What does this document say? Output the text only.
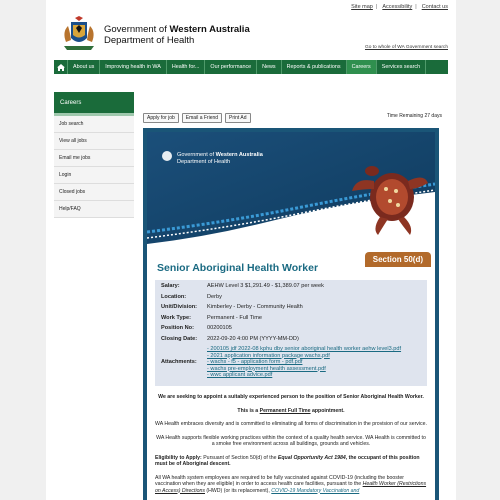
Site map | Accessibility | Contact us
Government of Western Australia
Department of Health
Go to whole of WA Government search
About us	Improving health in WA	Health for...	Our performance	News	Reports & publications	Careers	Services search
Careers
Job search
View all jobs
Email me jobs
Login
Closed jobs
Help/FAQ
Apply for job	Email a Friend	Print Ad	Time Remaining 27 days
Government of Western Australia
Department of Health
Section 50(d)
Senior Aboriginal Health Worker
Salary:	AEHW Level 3 $1,291.49 - $1,389.07 per week
Location:	Derby
Unit/Division:	Kimberley - Derby - Community Health
Work Type:	Permanent - Full Time
Position No:	00200105
Closing Date:	2022-09-20 4:00 PM (YYYY-MM-DD)
Attachments:
- 200105 jdf 2022-08 kphu dby senior aboriginal health worker aehw level3.pdf
- 2021 application information package wachs.pdf
- wachs - f5 - application form - pdf.pdf
- wachs pre-employment health assessment.pdf
- wwc applicant advice.pdf

We are seeking to appoint a suitably experienced person to the position of Senior Aboriginal Health Worker.

This is a Permanent Full Time appointment.

WA Health embraces diversity and is committed to eliminating all forms of discrimination in the provision of our service.

WA Health supports flexible working practices within the context of a quality health service. WA Health is committed to a smoke free environment across all buildings, grounds and vehicles.

Eligibility to Apply: Pursuant of Section 50(d) of the Equal Opportunity Act 1984, the occupant of this position must be of Aboriginal descent.

All WA health system employees are required to be fully vaccinated against COVID-19 (including the booster vaccination when they are eligible) in order to access health care facilities, pursuant to the Health Worker (Restrictions on Access) Directions (HWD) (or its replacement), COVID-19 Mandatory Vaccination and
